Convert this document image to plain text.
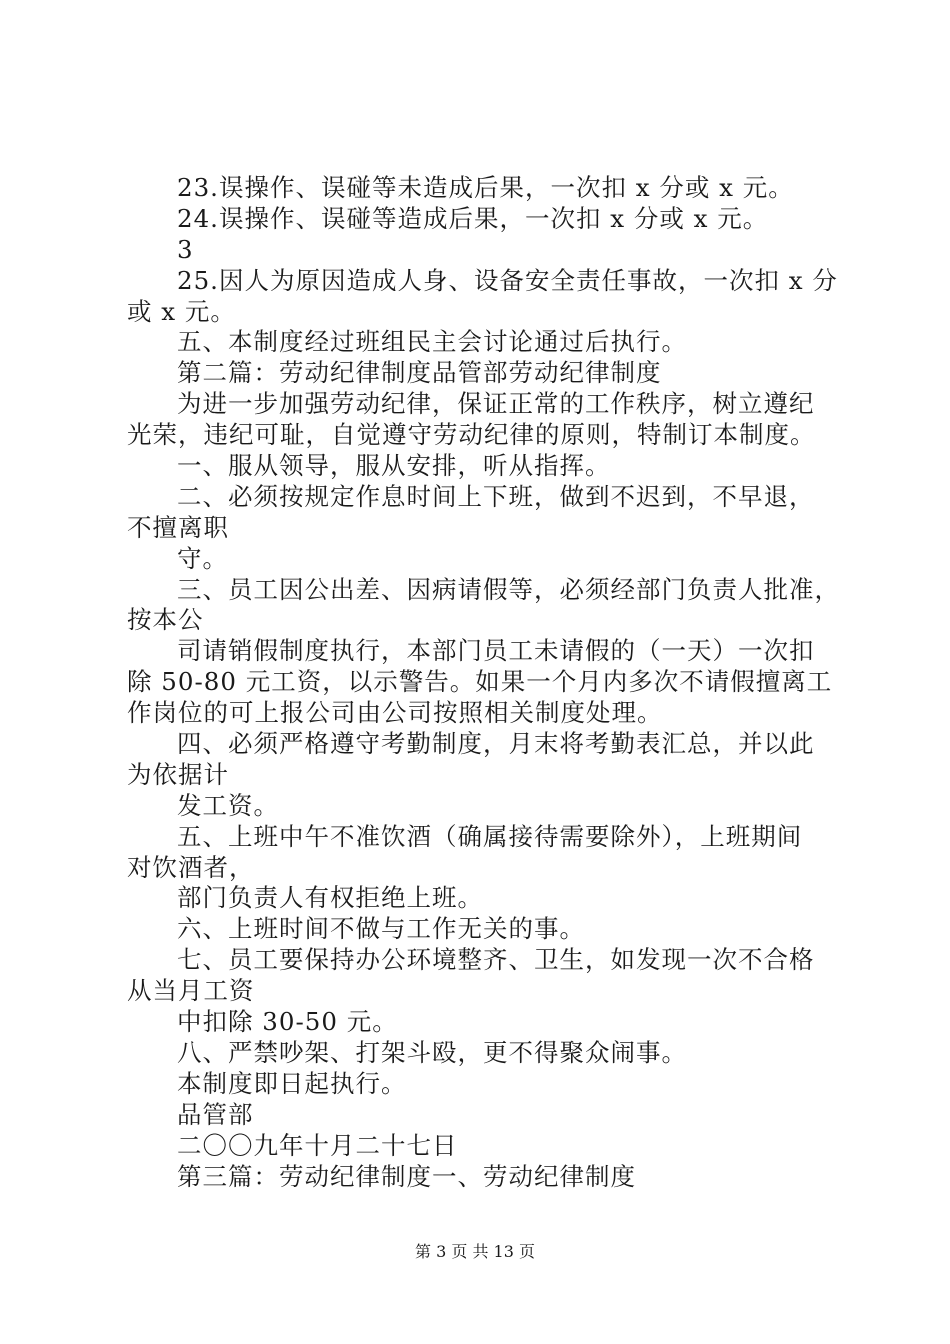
23.误操作、误碰等未造成后果，一次扣 x 分或 x 元。
24.误操作、误碰等造成后果，一次扣 x 分或 x 元。
3
25.因人为原因造成人身、设备安全责任事故，一次扣 x 分
或 x 元。
五、本制度经过班组民主会讨论通过后执行。
第二篇：劳动纪律制度品管部劳动纪律制度
为进一步加强劳动纪律，保证正常的工作秩序，树立遵纪
光荣，违纪可耻，自觉遵守劳动纪律的原则，特制订本制度。
一、服从领导，服从安排，听从指挥。
二、必须按规定作息时间上下班，做到不迟到，不早退，
不擅离职
守。
三、员工因公出差、因病请假等，必须经部门负责人批准，
按本公
司请销假制度执行，本部门员工未请假的（一天）一次扣
除 50-80 元工资，以示警告。如果一个月内多次不请假擅离工
作岗位的可上报公司由公司按照相关制度处理。
四、必须严格遵守考勤制度，月末将考勤表汇总，并以此
为依据计
发工资。
五、上班中午不准饮酒（确属接待需要除外），上班期间
对饮酒者，
部门负责人有权拒绝上班。
六、上班时间不做与工作无关的事。
七、员工要保持办公环境整齐、卫生，如发现一次不合格
从当月工资
中扣除 30-50 元。
八、严禁吵架、打架斗殴，更不得聚众闹事。
本制度即日起执行。
品管部
二〇〇九年十月二十七日
第三篇：劳动纪律制度一、劳动纪律制度
第 3 页 共 13 页
